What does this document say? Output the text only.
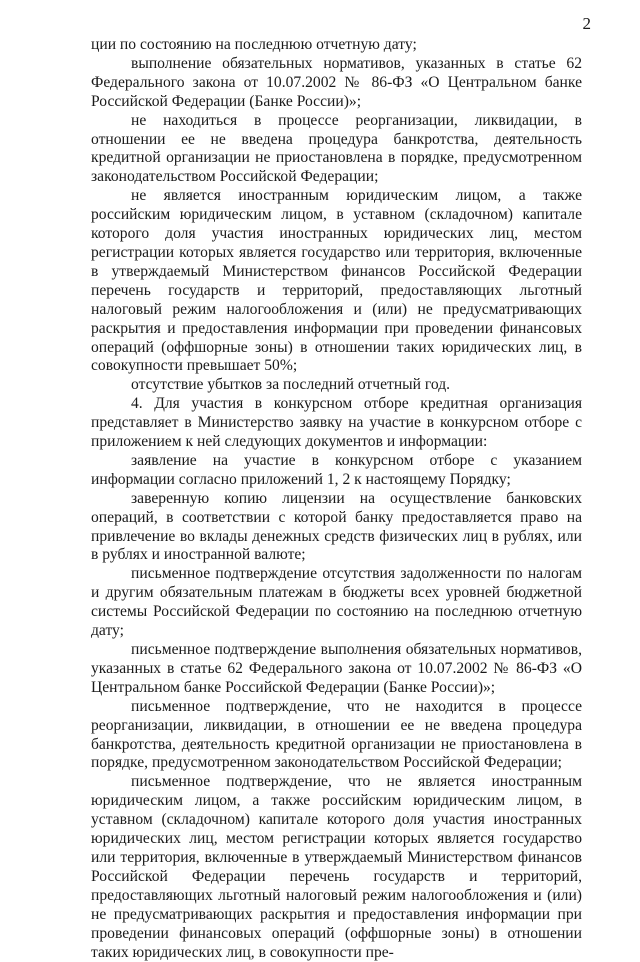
2

ции по состоянию на последнюю отчетную дату;

выполнение обязательных нормативов, указанных в статье 62 Федерального закона от 10.07.2002 № 86-ФЗ «О Центральном банке Российской Федерации (Банке России)»;

не находиться в процессе реорганизации, ликвидации, в отношении ее не введена процедура банкротства, деятельность кредитной организации не приостановлена в порядке, предусмотренном законодательством Российской Федерации;

не является иностранным юридическим лицом, а также российским юридическим лицом, в уставном (складочном) капитале которого доля участия иностранных юридических лиц, местом регистрации которых является государство или территория, включенные в утверждаемый Министерством финансов Российской Федерации перечень государств и территорий, предоставляющих льготный налоговый режим налогообложения и (или) не предусматривающих раскрытия и предоставления информации при проведении финансовых операций (оффшорные зоны) в отношении таких юридических лиц, в совокупности превышает 50%;

отсутствие убытков за последний отчетный год.

4. Для участия в конкурсном отборе кредитная организация представляет в Министерство заявку на участие в конкурсном отборе с приложением к ней следующих документов и информации:

заявление на участие в конкурсном отборе с указанием информации согласно приложений 1, 2 к настоящему Порядку;

заверенную копию лицензии на осуществление банковских операций, в соответствии с которой банку предоставляется право на привлечение во вклады денежных средств физических лиц в рублях, или в рублях и иностранной валюте;

письменное подтверждение отсутствия задолженности по налогам и другим обязательным платежам в бюджеты всех уровней бюджетной системы Российской Федерации по состоянию на последнюю отчетную дату;

письменное подтверждение выполнения обязательных нормативов, указанных в статье 62 Федерального закона от 10.07.2002 № 86-ФЗ «О Центральном банке Российской Федерации (Банке России)»;

письменное подтверждение, что не находится в процессе реорганизации, ликвидации, в отношении ее не введена процедура банкротства, деятельность кредитной организации не приостановлена в порядке, предусмотренном законодательством Российской Федерации;

письменное подтверждение, что не является иностранным юридическим лицом, а также российским юридическим лицом, в уставном (складочном) капитале которого доля участия иностранных юридических лиц, местом регистрации которых является государство или территория, включенные в утверждаемый Министерством финансов Российской Федерации перечень государств и территорий, предоставляющих льготный налоговый режим налогообложения и (или) не предусматривающих раскрытия и предоставления информации при проведении финансовых операций (оффшорные зоны) в отношении таких юридических лиц, в совокупности пре-
